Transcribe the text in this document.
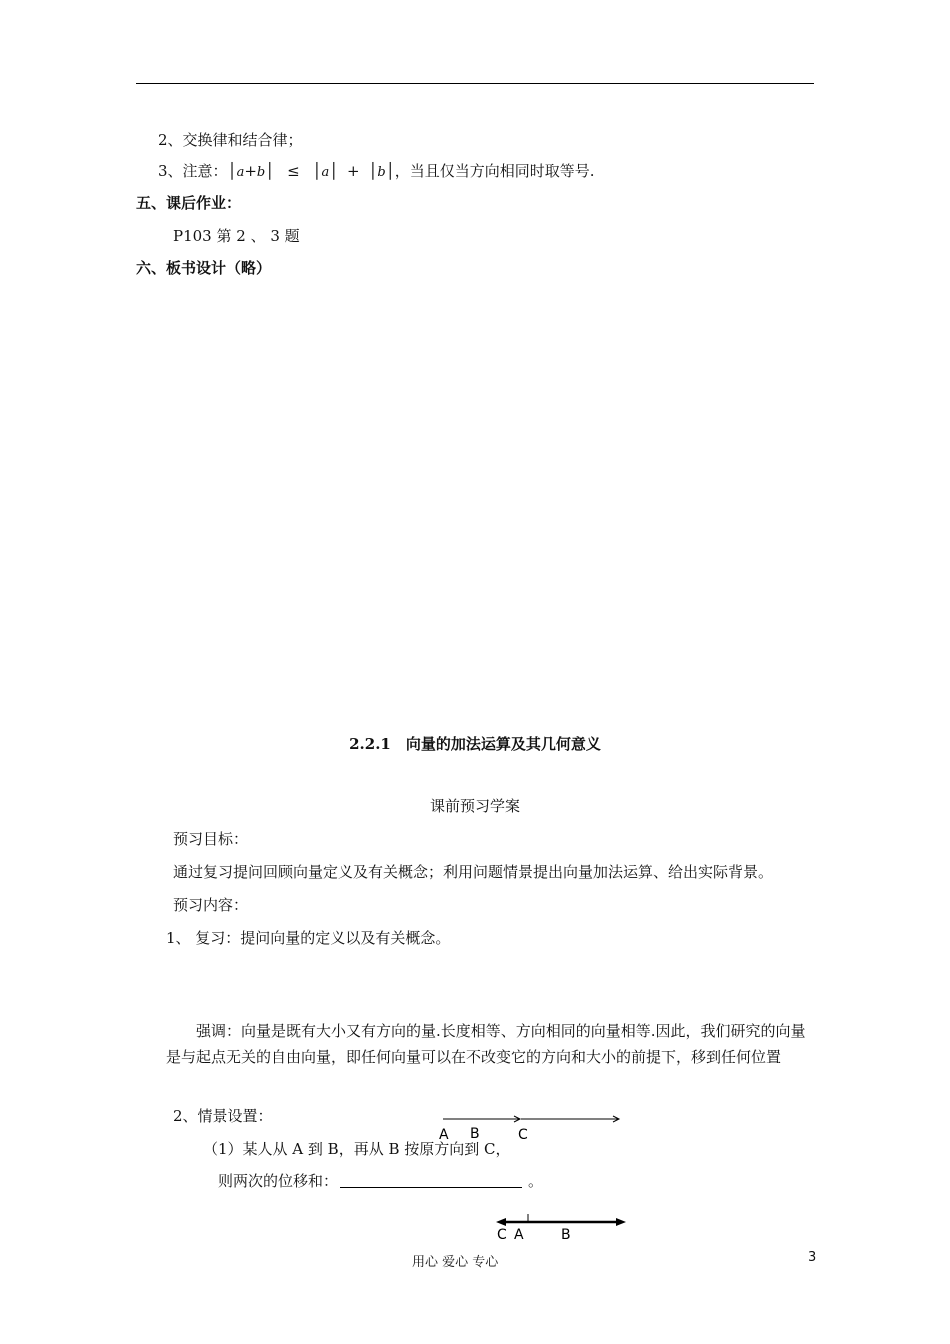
2、交换律和结合律；
3、注意：│a+b│ ≤ │a│ + │b│，当且仅当方向相同时取等号.
五、课后作业：
P103 第 2 、 3 题
六、板书设计（略）
2.2.1　向量的加法运算及其几何意义
课前预习学案
预习目标：
通过复习提问回顾向量定义及有关概念；利用问题情景提出向量加法运算、给出实际背景。
预习内容：
1、 复习：提问向量的定义以及有关概念。
强调：向量是既有大小又有方向的量.长度相等、方向相同的向量相等.因此，我们研究的向量是与起点无关的自由向量，即任何向量可以在不改变它的方向和大小的前提下，移到任何位置
2、情景设置：
（1）某人从 A 到 B，再从 B 按原方向到 C，
则两次的位移和：	。
A B	C
C A	B
用心 爱心 专心	3
